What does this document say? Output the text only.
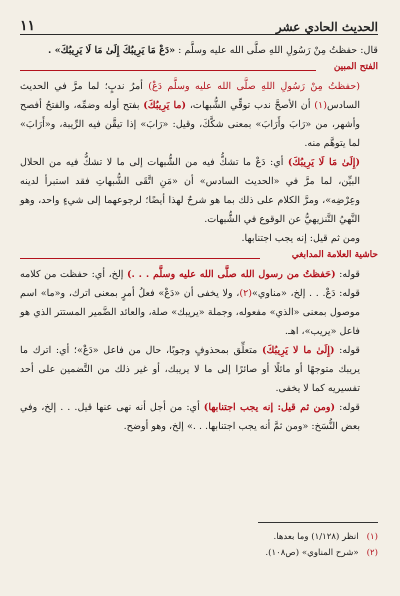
الحديث الحادي عشر
١١

قال: حفظتُ مِنْ رَسُولِ اللهِ صلَّى الله عليه وسلَّم : «دَعْ مَا يَرِيبُكَ إِلَىٰ مَا لَا يَرِيبُكَ» .

الفتح المبين

(حفظتُ مِنْ رَسُولِ اللهِ صلَّى الله عليه وسلَّم دَعْ) أمرُ ندبٍ؛ لما مرَّ في الحديث السادس(١) أن الأصحَّ ندب توقِّي الشُّبهات، (ما يَرِيبُكَ) بفتح أوله وضمِّه، والفتحُ أفصح وأشهر، من «رَابَ وأَرَابَ» بمعنى شكَّكَ، وقيل: «رَابَ» إذا تيقَّن فيه الرِّيبة، و«أَرَابَ» لما يتوهَّم منه.

(إِلَىٰ مَا لَا يَرِيبُكَ) أي: دَعْ ما تشكُّ فيه من الشُّبهات إلى ما لا تشكُّ فيه من الحلال البيِّن، لما مرَّ في «الحديث السادس» أن «مَنِ اتَّقَى الشُّبهاتِ فقد استبرأ لدينه وعِرْضِه»، ومرَّ الكلام على ذلك بما هو شرحٌ لهذا أيضًا؛ لرجوعهما إلى شيءٍ واحد، وهو النَّهيُ التَّنزيهيُّ عن الوقوع في الشُّبهات.

ومن ثم قيل: إنه يجب اجتنابها.

حاشية العلامة المدابغي

قوله: (حَفظتُ من رسول الله صلَّى الله عليه وسلَّم . . .) إلخ، أي: حفظت من كلامه قوله: دَعْ. . . إلخ، «مناوي»(٢)، ولا يخفى أن «دَعْ» فعلُ أمرٍ بمعنى اترك، و«ما» اسم موصول بمعنى «الذي» مفعوله، وجملة «يريبك» صلة، والعائد الضَّمير المستتر الذي هو فاعل «يريب»، اهـ.

قوله: (إِلَىٰ ما لا يَرِيبُكَ) متعلِّق بمحذوفٍ وجوبًا، حال من فاعل «دَعْ»؛ أي: اترك ما يريبك متوجهًا أو مائلًا أو صائرًا إلى ما لا يريبك، أو غير ذلك من التَّضمين على أحد تفسيريه كما لا يخفى.

قوله: (ومن ثم قيل: إنه يجب اجتنابها) أي: من أجل أنه نهى عنها قيل. . . إلخ، وفي بعض النُّسَخ: «ومن ثمَّ أنه يجب اجتنابها. . .» إلخ، وهو أوضح.

(١)انظر (١/١٢٨) وما بعدها.
(٢)«شرح المناوي» (ص١٠٨).
